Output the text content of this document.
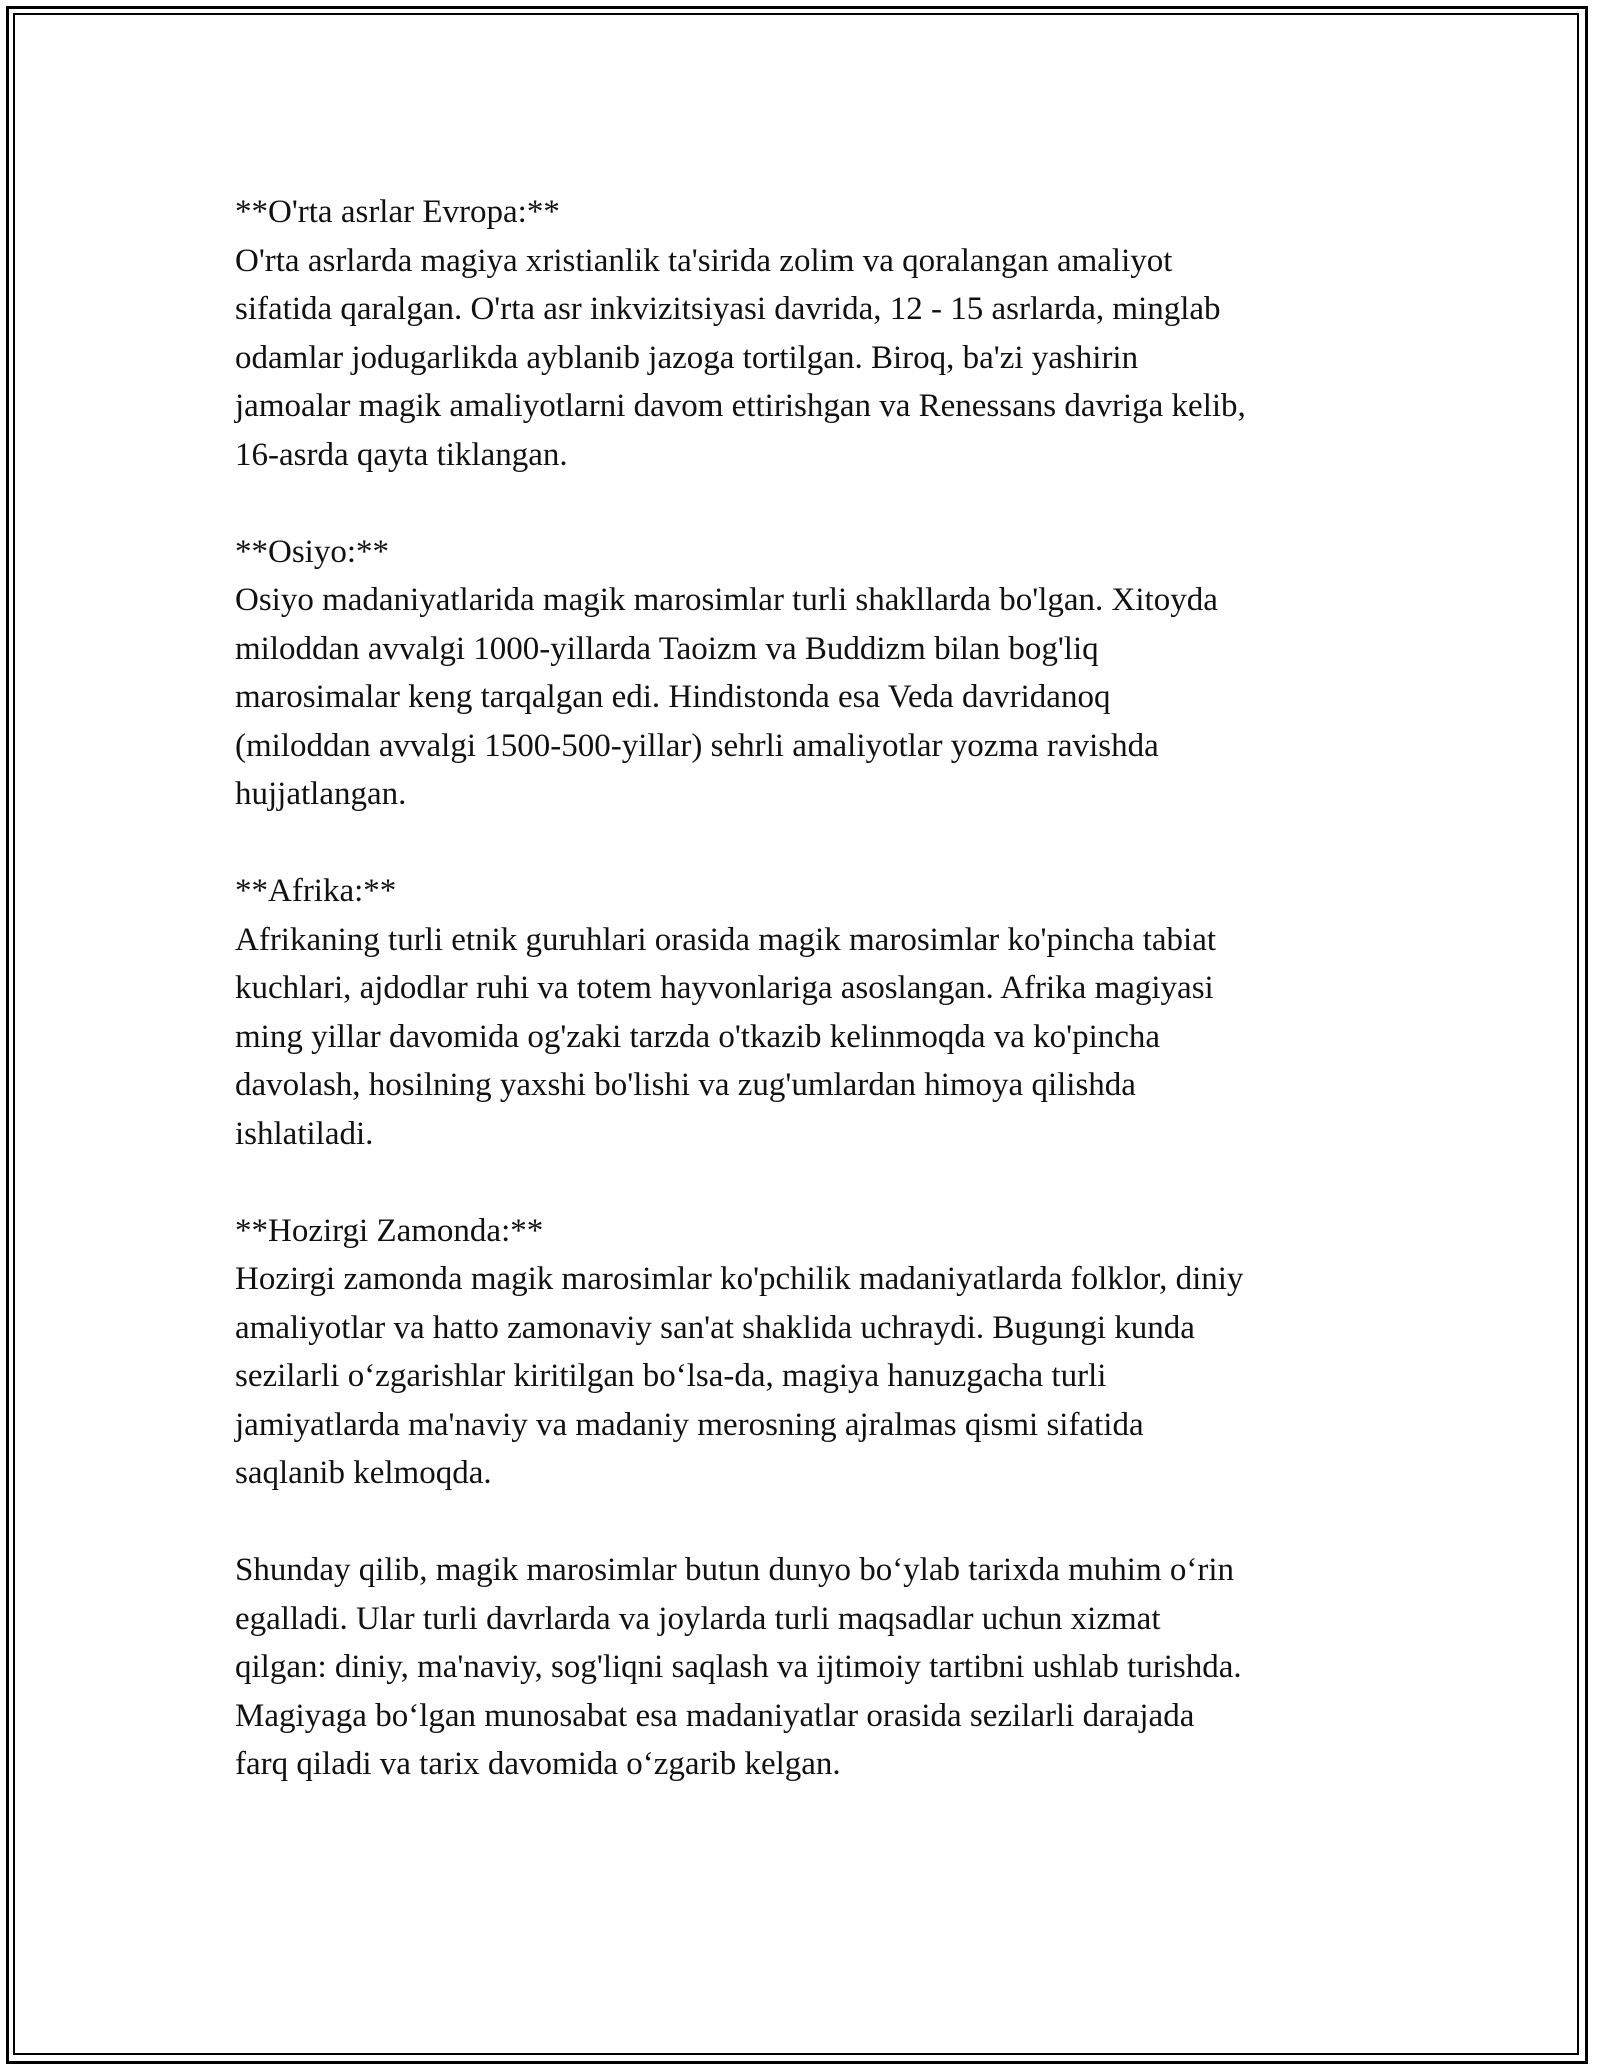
**O'rta asrlar Evropa:**

O'rta asrlarda magiya xristianlik ta'sirida zolim va qoralangan amaliyot
sifatida qaralgan. O'rta asr inkvizitsiyasi davrida, 12 - 15 asrlarda, minglab
odamlar jodugarlikda ayblanib jazoga tortilgan. Biroq, ba'zi yashirin
jamoalar magik amaliyotlarni davom ettirishgan va Renessans davriga kelib,
16-asrda qayta tiklangan.

**Osiyo:**

Osiyo madaniyatlarida magik marosimlar turli shakllarda bo'lgan. Xitoyda
miloddan avvalgi 1000-yillarda Taoizm va Buddizm bilan bog'liq
marosimalar keng tarqalgan edi. Hindistonda esa Veda davridanoq
(miloddan avvalgi 1500-500-yillar) sehrli amaliyotlar yozma ravishda
hujjatlangan.

**Afrika:**

Afrikaning turli etnik guruhlari orasida magik marosimlar ko'pincha tabiat
kuchlari, ajdodlar ruhi va totem hayvonlariga asoslangan. Afrika magiyasi
ming yillar davomida og'zaki tarzda o'tkazib kelinmoqda va ko'pincha
davolash, hosilning yaxshi bo'lishi va zug'umlardan himoya qilishda
ishlatiladi.

**Hozirgi Zamonda:**

Hozirgi zamonda magik marosimlar ko'pchilik madaniyatlarda folklor, diniy
amaliyotlar va hatto zamonaviy san'at shaklida uchraydi. Bugungi kunda
sezilarli o‘zgarishlar kiritilgan bo‘lsa-da, magiya hanuzgacha turli
jamiyatlarda ma'naviy va madaniy merosning ajralmas qismi sifatida
saqlanib kelmoqda.

Shunday qilib, magik marosimlar butun dunyo bo‘ylab tarixda muhim o‘rin
egalladi. Ular turli davrlarda va joylarda turli maqsadlar uchun xizmat
qilgan: diniy, ma'naviy, sog'liqni saqlash va ijtimoiy tartibni ushlab turishda.
Magiyaga bo‘lgan munosabat esa madaniyatlar orasida sezilarli darajada
farq qiladi va tarix davomida o‘zgarib kelgan.
